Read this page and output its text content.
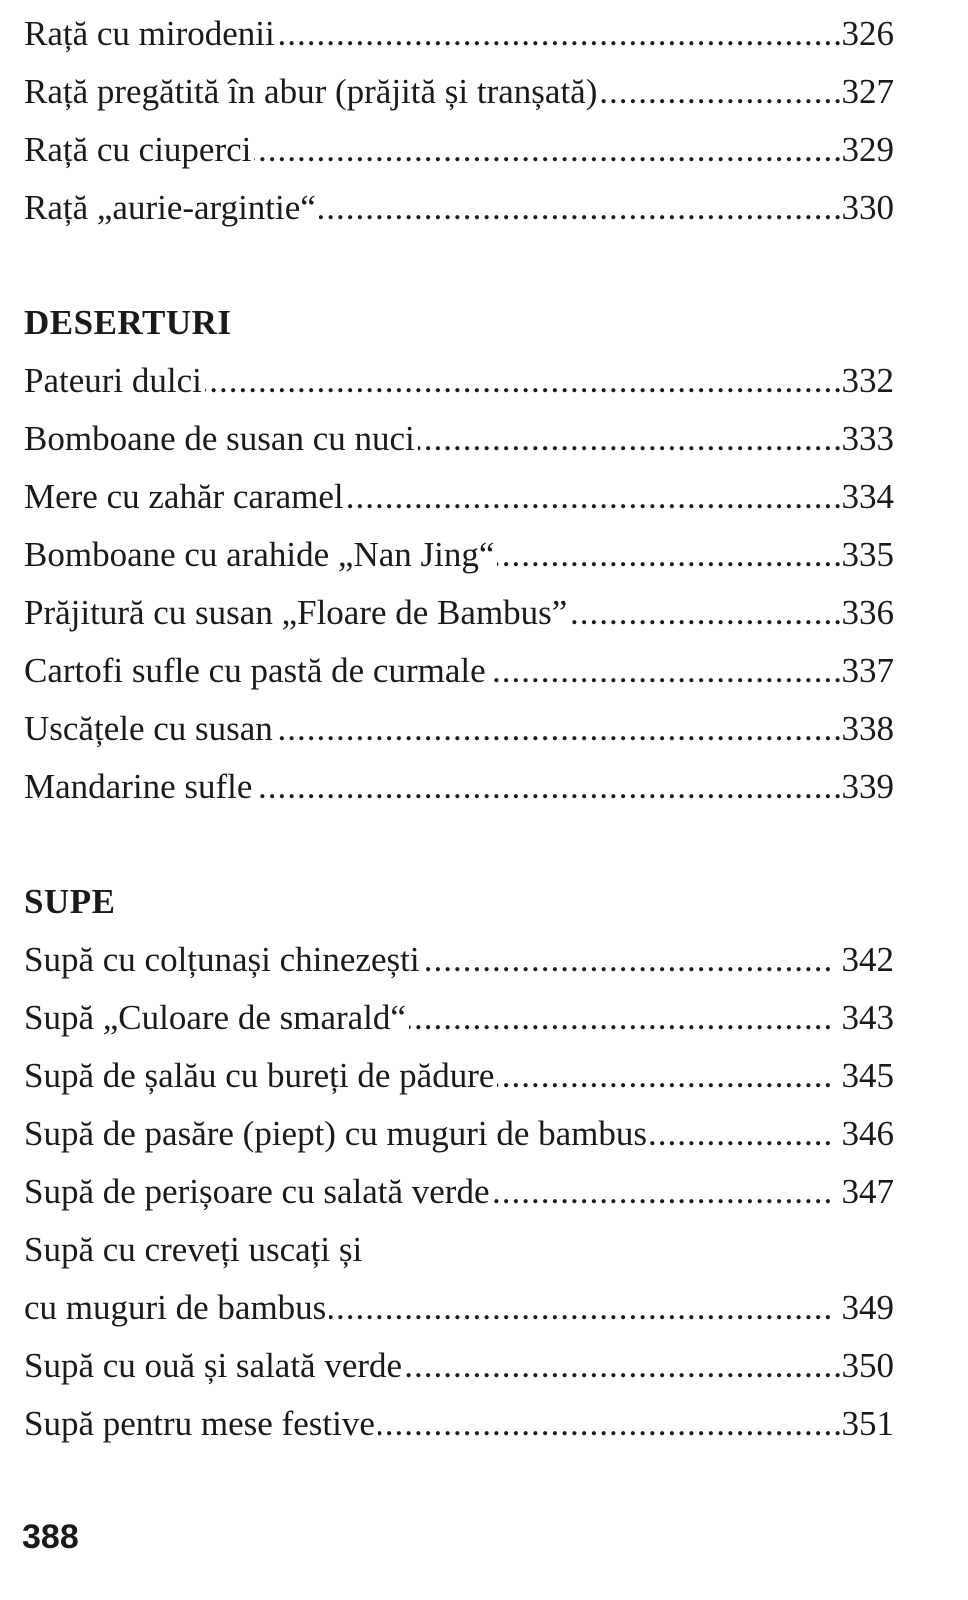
.....
Rață cu mirodenii	326
.....
Rață pregătită în abur (prăjită și tranșată)	327
.....
Rață cu ciuperci	329
.....
Rață „aurie-argintie“	330
DESERTURI
.....
Pateuri dulci	332
.....
Bomboane de susan cu nuci	333
.....
Mere cu zahăr caramel	334
.....
Bomboane cu arahide „Nan Jing“	335
.....
Prăjitură cu susan „Floare de Bambus”	336
.....
Cartofi sufle cu pastă de curmale	337
.....
Uscățele cu susan	338
.....
Mandarine sufle	339
SUPE
.....
Supă cu colțunași chinezești	342
.....
Supă „Culoare de smarald“	343
.....
Supă de șalău cu bureți de pădure	345
.....
Supă de pasăre (piept) cu muguri de bambus	346
.....
Supă de perișoare cu salată verde	347
Supă cu creveți uscați și
.....
cu muguri de bambus	349
.....
Supă cu ouă și salată verde	350
.....
Supă pentru mese festive	351
388
